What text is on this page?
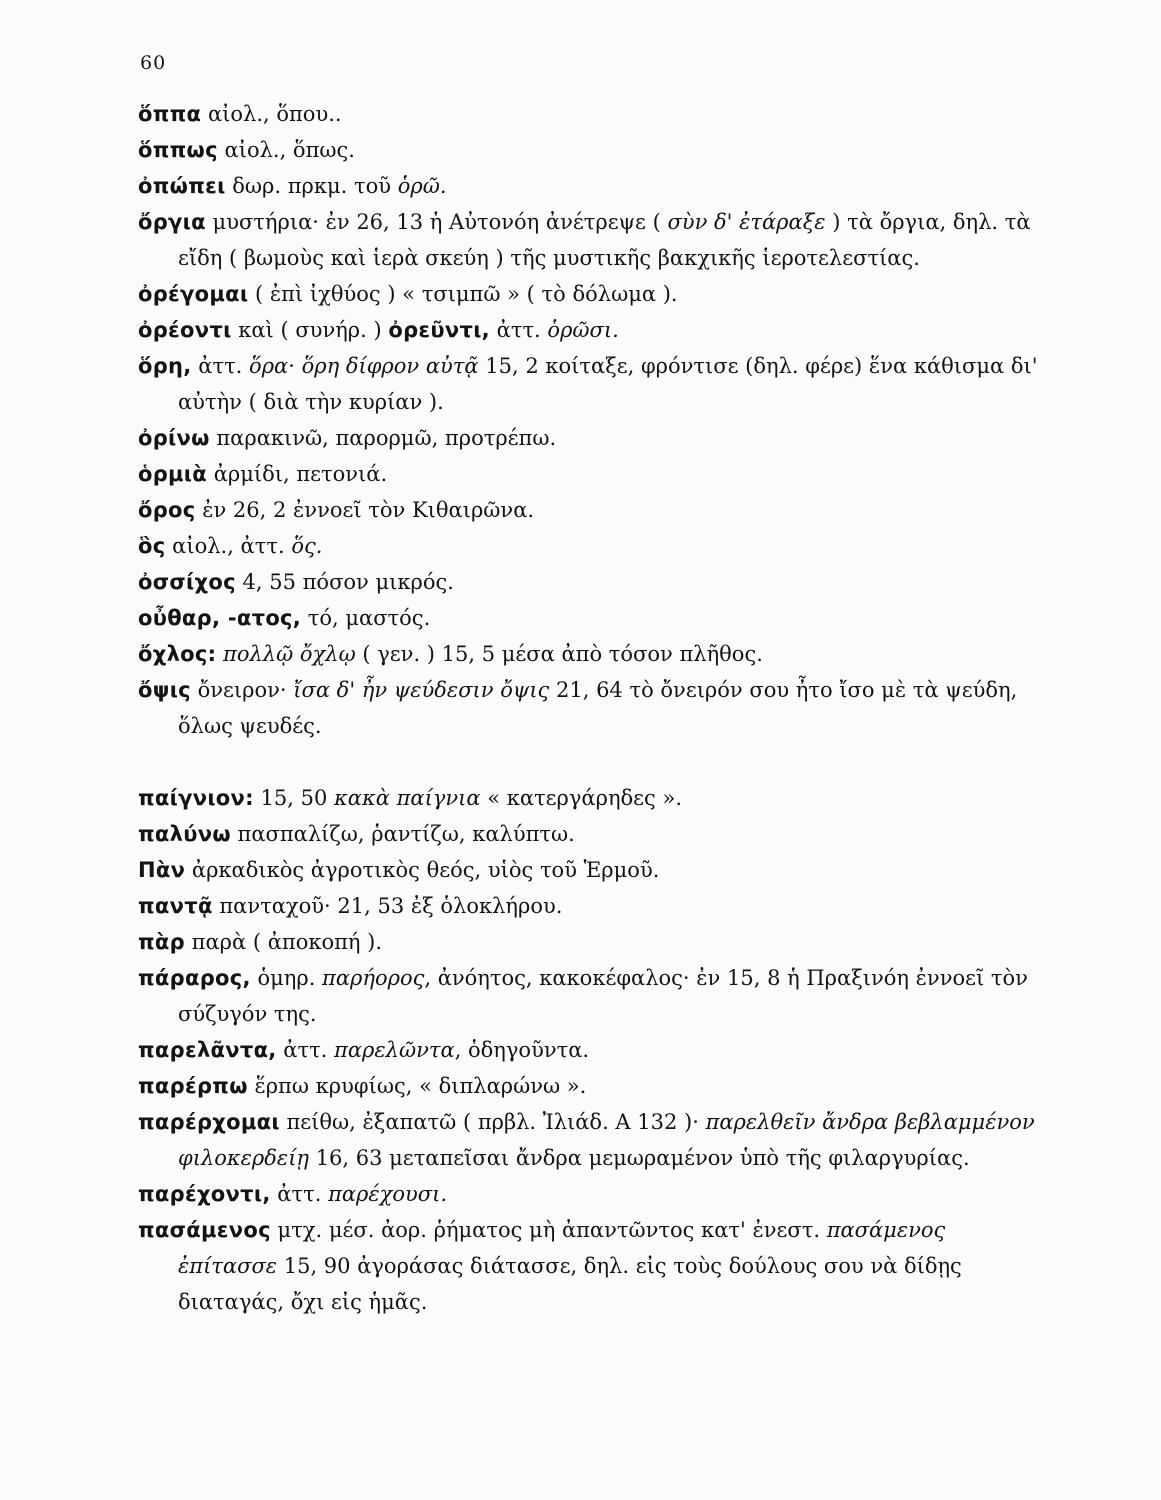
60
ὅππα αἰολ., ὅπου..
ὅππως αἰολ., ὅπως.
ὀπώπει δωρ. πρκμ. τοῦ ὁρῶ.
ὄργια μυστήρια· ἐν 26, 13 ἡ Αὐτονόη ἀνέτρεψε ( σὺν δ' ἐτάραξε ) τὰ ὄργια, δηλ. τὰ εἴδη ( βωμοὺς καὶ ἱερὰ σκεύη ) τῆς μυστικῆς βακχικῆς ἱεροτελεστίας.
ὀρέγομαι ( ἐπὶ ἰχθύος ) « τσιμπῶ » ( τὸ δόλωμα ).
ὀρέοντι καὶ ( συνήρ. ) ὀρεῦντι, ἀττ. ὁρῶσι.
ὅρη, ἀττ. ὅρα· ὅρη δίφρον αὐτᾷ 15, 2 κοίταξε, φρόντισε (δηλ. φέρε) ἕνα κάθισμα δι' αὐτὴν ( διὰ τὴν κυρίαν ).
ὀρίνω παρακινῶ, παρορμῶ, προτρέπω.
ὁρμιὰ ἀρμίδι, πετονιά.
ὄρος ἐν 26, 2 ἐννοεῖ τὸν Κιθαιρῶνα.
ὃς αἰολ., ἀττ. ὅς.
ὀσσίχος 4, 55 πόσον μικρός.
οὖθαρ, -ατος, τό, μαστός.
ὄχλος: πολλῷ ὄχλῳ ( γεν. ) 15, 5 μέσα ἀπὸ τόσον πλῆθος.
ὄψις ὄνειρον· ἴσα δ' ἦν ψεύδεσιν ὄψις 21, 64 τὸ ὄνειρόν σου ἦτο ἴσο μὲ τὰ ψεύδη, ὅλως ψευδές.
παίγνιον: 15, 50 κακὰ παίγνια « κατεργάρηδες ».
παλύνω πασπαλίζω, ῥαντίζω, καλύπτω.
Πὰν ἀρκαδικὸς ἀγροτικὸς θεός, υἱὸς τοῦ Ἑρμοῦ.
παντᾷ πανταχοῦ· 21, 53 ἐξ ὁλοκλήρου.
πὰρ παρὰ ( ἀποκοπή ).
πάραρος, ὁμηρ. παρήορος, ἀνόητος, κακοκέφαλος· ἐν 15, 8 ἡ Πραξινόη ἐννοεῖ τὸν σύζυγόν της.
παρελᾶντα, ἀττ. παρελῶντα, ὁδηγοῦντα.
παρέρπω ἕρπω κρυφίως, « διπλαρώνω ».
παρέρχομαι πείθω, ἐξαπατῶ ( πρβλ. Ἰλιάδ. Α 132 )· παρελθεῖν ἄνδρα βεβλαμμένον φιλοκερδείῃ 16, 63 μεταπεῖσαι ἄνδρα μεμωραμένον ὑπὸ τῆς φιλαργυρίας.
παρέχοντι, ἀττ. παρέχουσι.
πασάμενος μτχ. μέσ. ἀορ. ῥήματος μὴ ἀπαντῶντος κατ' ἐνεστ. πασάμενος ἐπίτασσε 15, 90 ἀγοράσας διάτασσε, δηλ. εἰς τοὺς δούλους σου νὰ δίδῃς διαταγάς, ὄχι εἰς ἡμᾶς.
